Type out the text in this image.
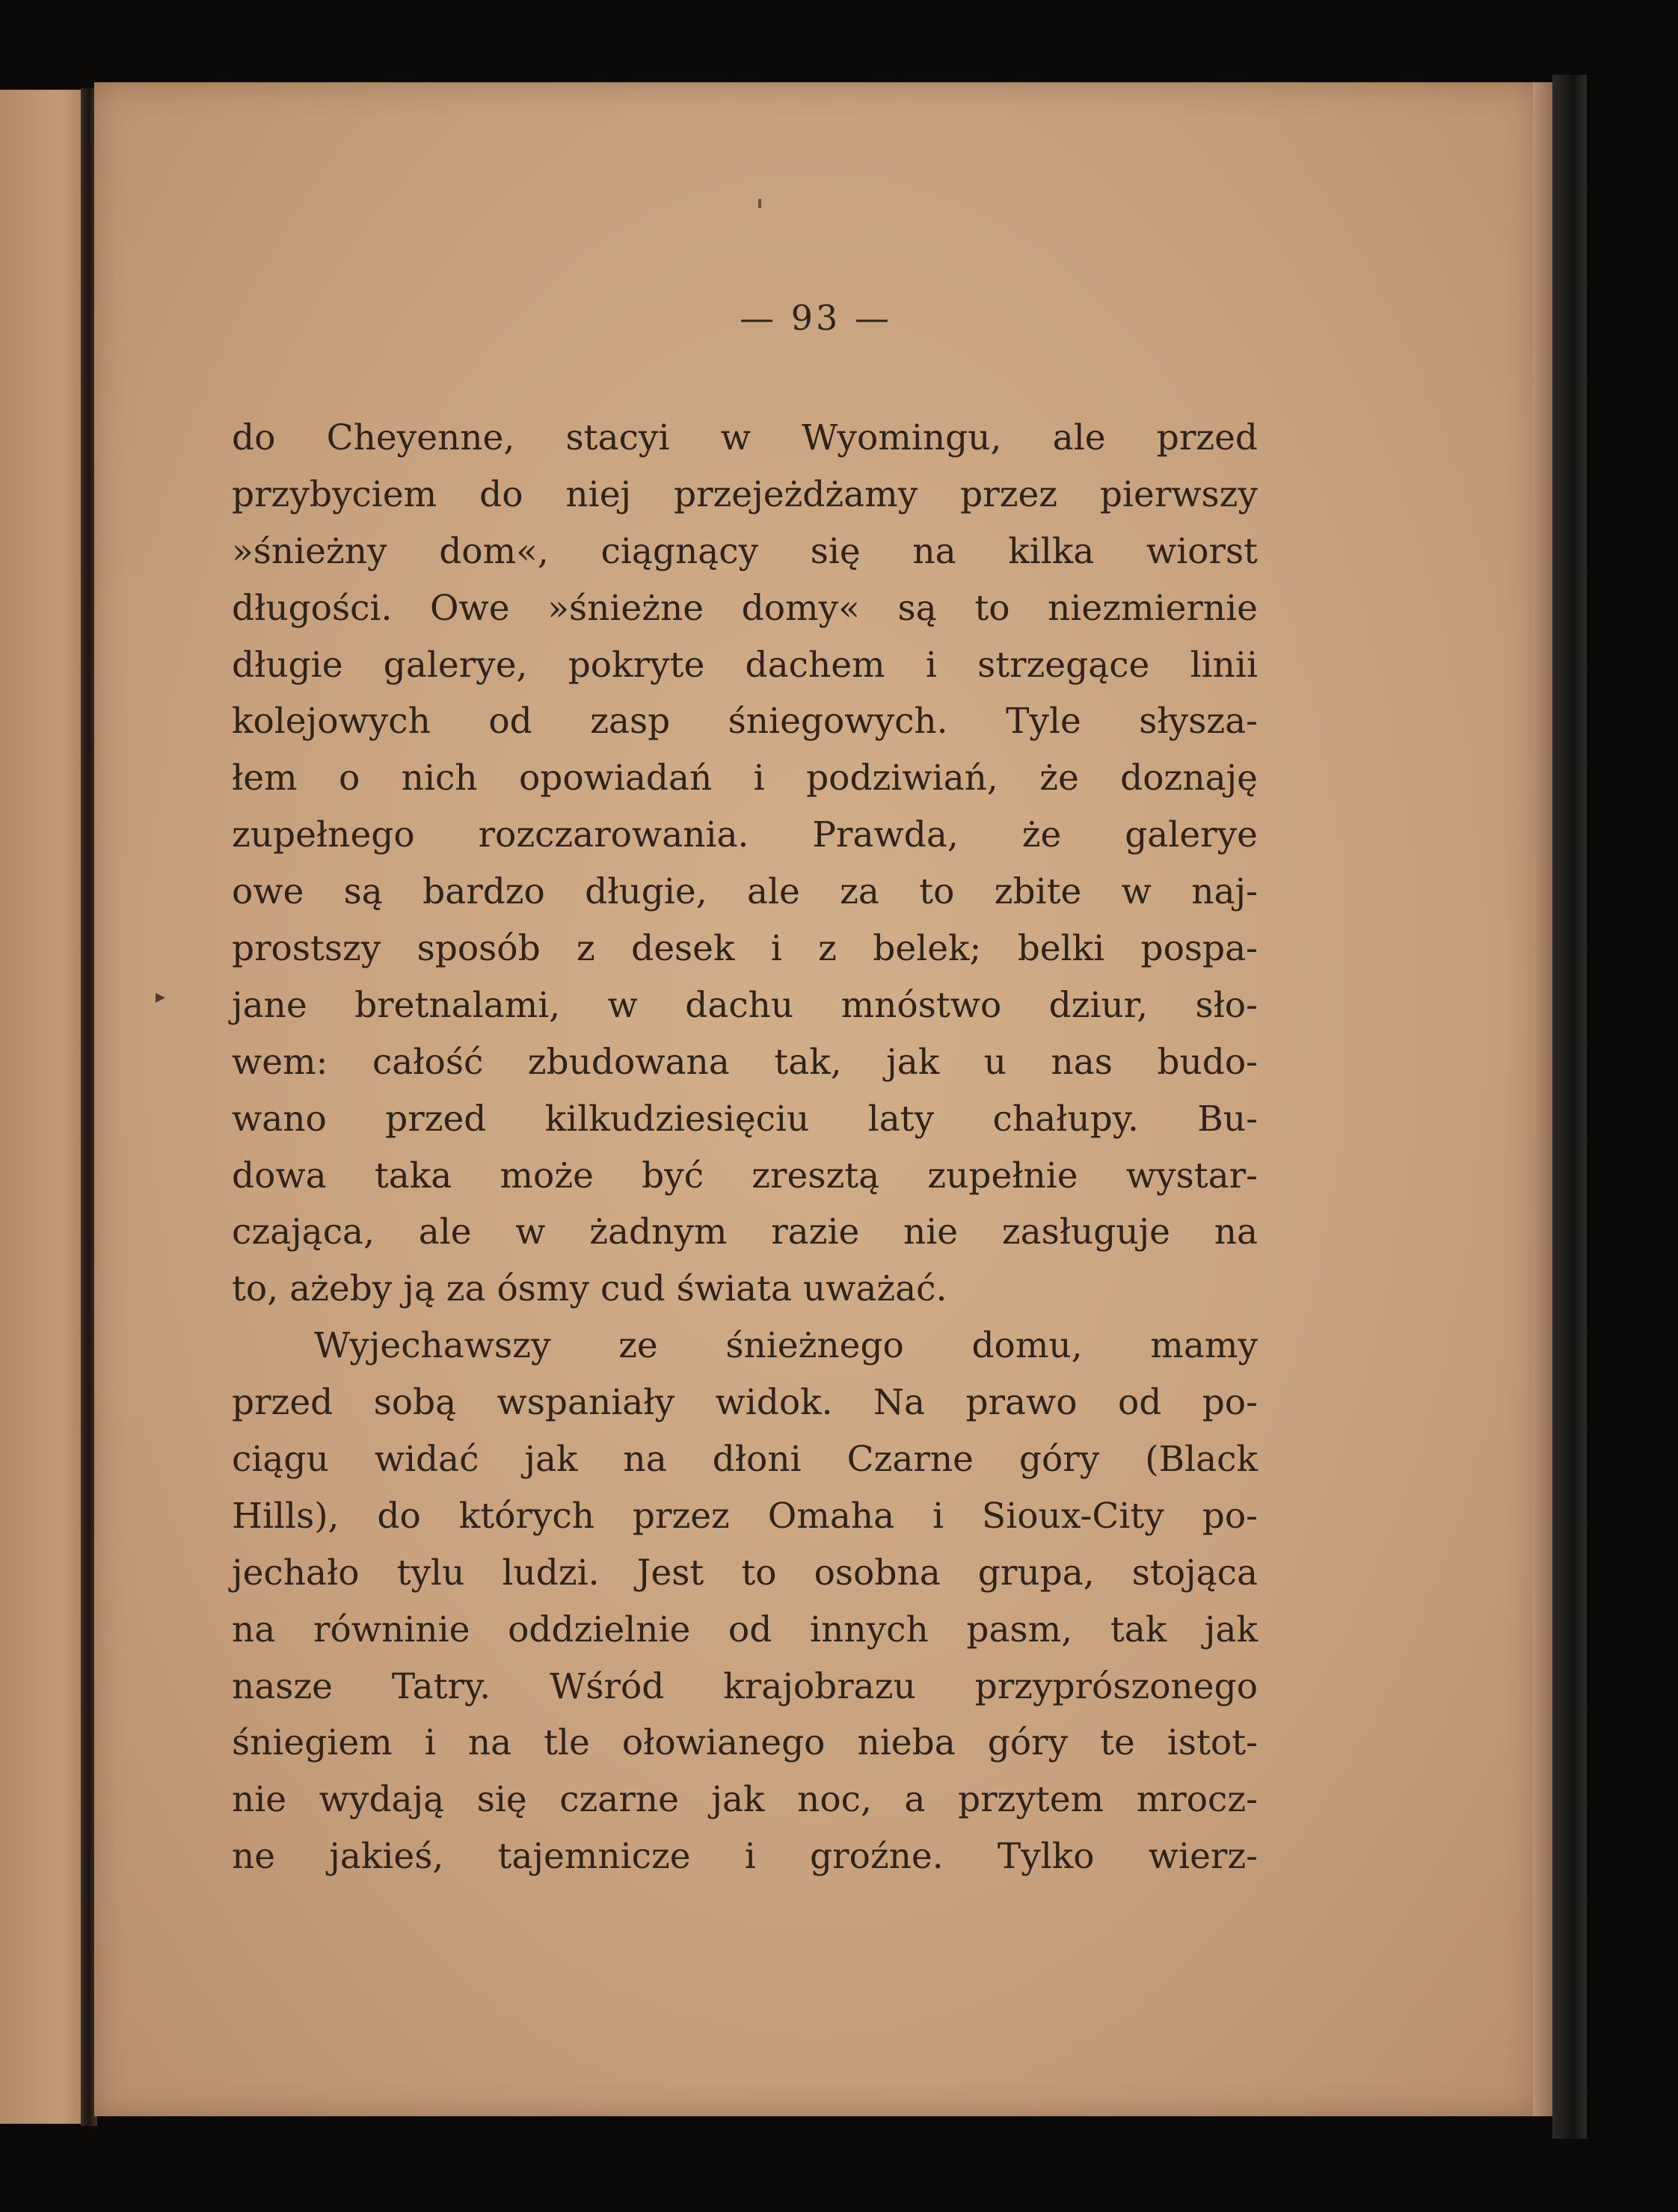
— 93 —
▸
do Cheyenne, stacyi w Wyomingu, ale przed
przybyciem do niej przejeżdżamy przez pierwszy
»śnieżny dom«, ciągnący się na kilka wiorst
długości. Owe »śnieżne domy« są to niezmiernie
długie galerye, pokryte dachem i strzegące linii
kolejowych od zasp śniegowych. Tyle słysza-
łem o nich opowiadań i podziwiań, że doznaję
zupełnego rozczarowania. Prawda, że galerye
owe są bardzo długie, ale za to zbite w naj-
prostszy sposób z desek i z belek; belki pospa-
jane bretnalami, w dachu mnóstwo dziur, sło-
wem: całość zbudowana tak, jak u nas budo-
wano przed kilkudziesięciu laty chałupy. Bu-
dowa taka może być zresztą zupełnie wystar-
czająca, ale w żadnym razie nie zasługuje na
to, ażeby ją za ósmy cud świata uważać.
Wyjechawszy ze śnieżnego domu, mamy
przed sobą wspaniały widok. Na prawo od po-
ciągu widać jak na dłoni Czarne góry (Black
Hills), do których przez Omaha i Sioux-City po-
jechało tylu ludzi. Jest to osobna grupa, stojąca
na równinie oddzielnie od innych pasm, tak jak
nasze Tatry. Wśród krajobrazu przyprószonego
śniegiem i na tle ołowianego nieba góry te istot-
nie wydają się czarne jak noc, a przytem mrocz-
ne jakieś, tajemnicze i groźne. Tylko wierz-
